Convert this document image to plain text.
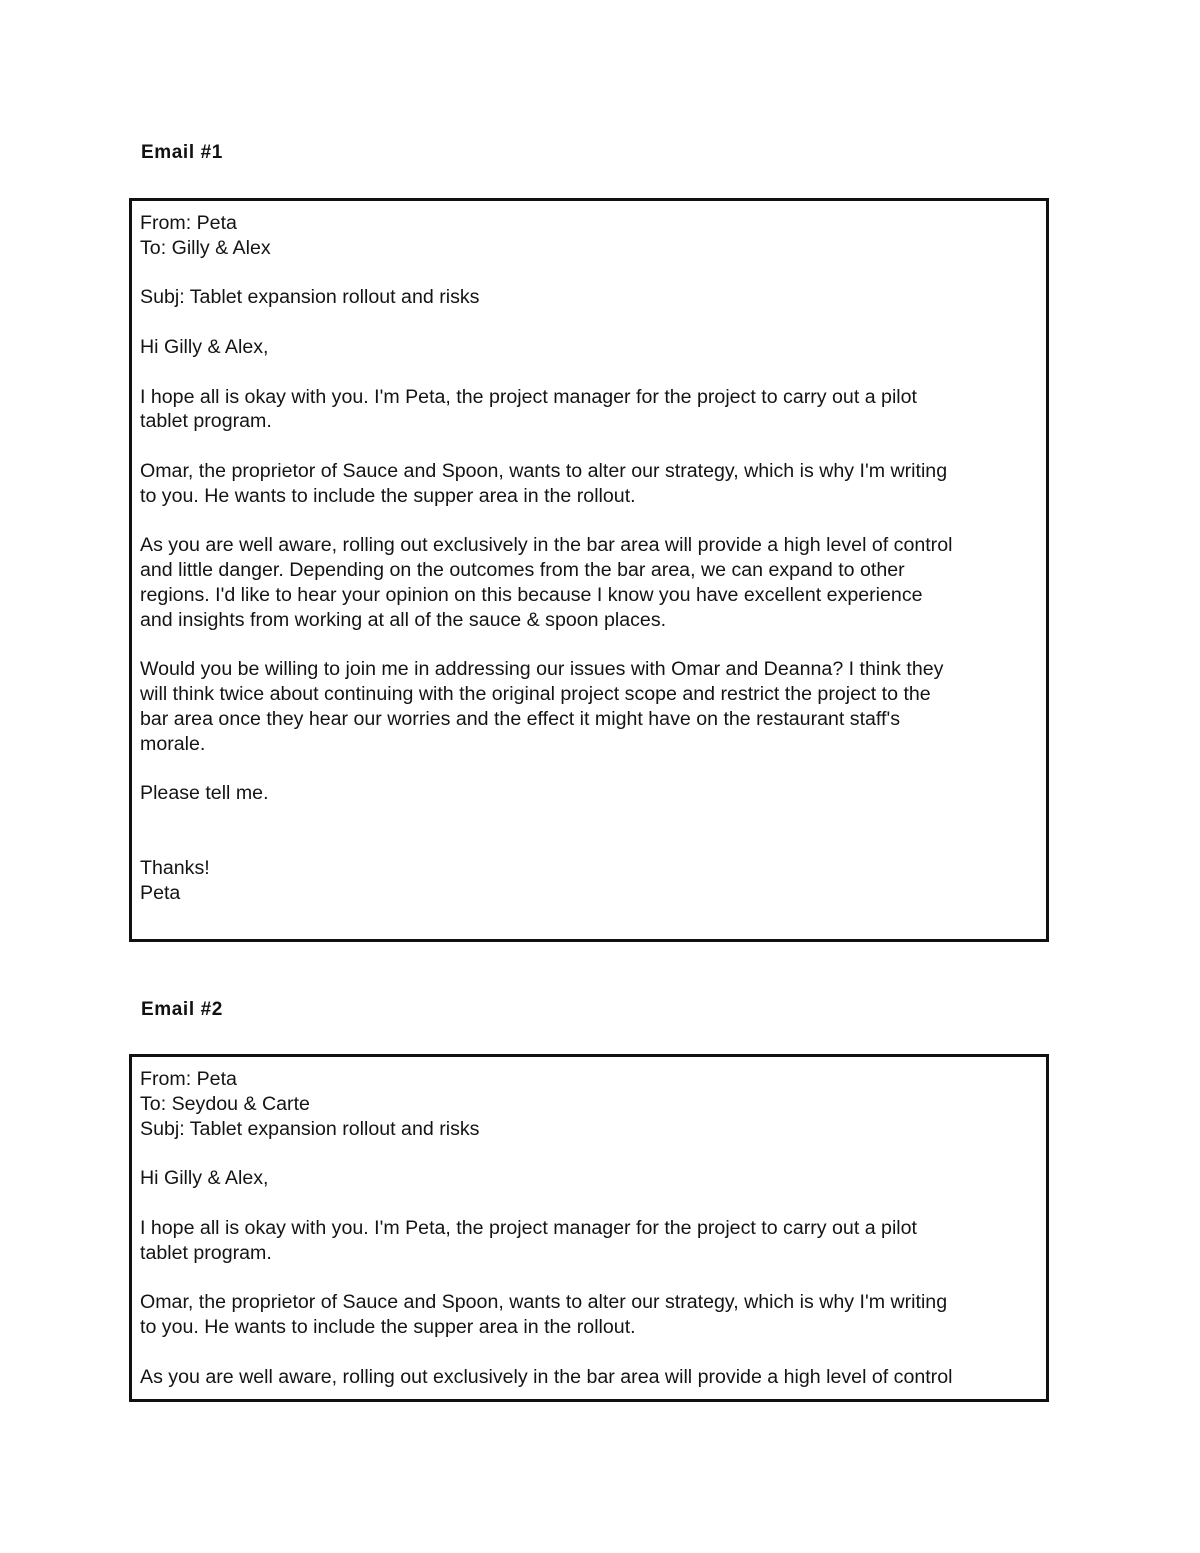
Email #1
From: Peta
To: Gilly & Alex
Subj: Tablet expansion rollout and risks
Hi Gilly & Alex,
I hope all is okay with you. I'm Peta, the project manager for the project to carry out a pilot
tablet program.
Omar, the proprietor of Sauce and Spoon, wants to alter our strategy, which is why I'm writing
to you. He wants to include the supper area in the rollout.
As you are well aware, rolling out exclusively in the bar area will provide a high level of control
and little danger. Depending on the outcomes from the bar area, we can expand to other
regions. I'd like to hear your opinion on this because I know you have excellent experience
and insights from working at all of the sauce & spoon places.
Would you be willing to join me in addressing our issues with Omar and Deanna? I think they
will think twice about continuing with the original project scope and restrict the project to the
bar area once they hear our worries and the effect it might have on the restaurant staff's
morale.
Please tell me.
Thanks!
Peta
Email #2
From: Peta
To: Seydou & Carte
Subj: Tablet expansion rollout and risks
Hi Gilly & Alex,
I hope all is okay with you. I'm Peta, the project manager for the project to carry out a pilot
tablet program.
Omar, the proprietor of Sauce and Spoon, wants to alter our strategy, which is why I'm writing
to you. He wants to include the supper area in the rollout.
As you are well aware, rolling out exclusively in the bar area will provide a high level of control
